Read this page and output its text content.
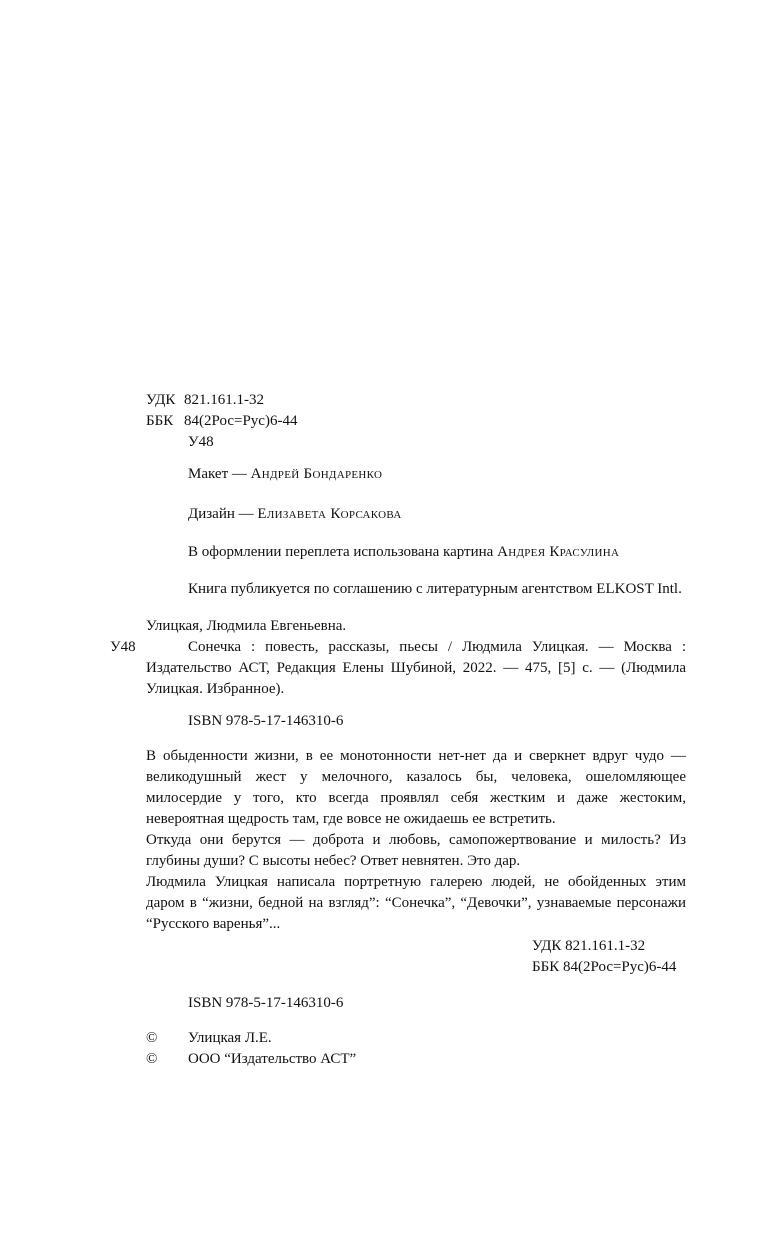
УДК 821.161.1-32
ББК 84(2Рос=Рус)6-44
У48
Макет — Андрей Бондаренко
Дизайн — Елизавета Корсакова
В оформлении переплета использована картина Андрея Красулина
Книга публикуется по соглашению с литературным агентством ELKOST Intl.
Улицкая, Людмила Евгеньевна.
У48	Сонечка : повесть, рассказы, пьесы / Людмила Улицкая. — Москва : Издательство АСТ, Редакция Елены Шубиной, 2022. — 475, [5] с. — (Людмила Улицкая. Избранное).
ISBN 978-5-17-146310-6

В обыденности жизни, в ее монотонности нет-нет да и сверкнет вдруг чудо — великодушный жест у мелочного, казалось бы, человека, ошеломляющее милосердие у того, кто всегда проявлял себя жестким и даже жестоким, невероятная щедрость там, где вовсе не ожидаешь ее встретить.

Откуда они берутся — доброта и любовь, самопожертвование и милость? Из глубины души? С высоты небес? Ответ невнятен. Это дар.

Людмила Улицкая написала портретную галерею людей, не обойденных этим даром в “жизни, бедной на взгляд”: “Сонечка”, “Девочки”, узнаваемые персонажи “Русского варенья”...

УДК 821.161.1-32
ББК 84(2Рос=Рус)6-44
ISBN 978-5-17-146310-6
© Улицкая Л.Е.
© ООО “Издательство АСТ”
